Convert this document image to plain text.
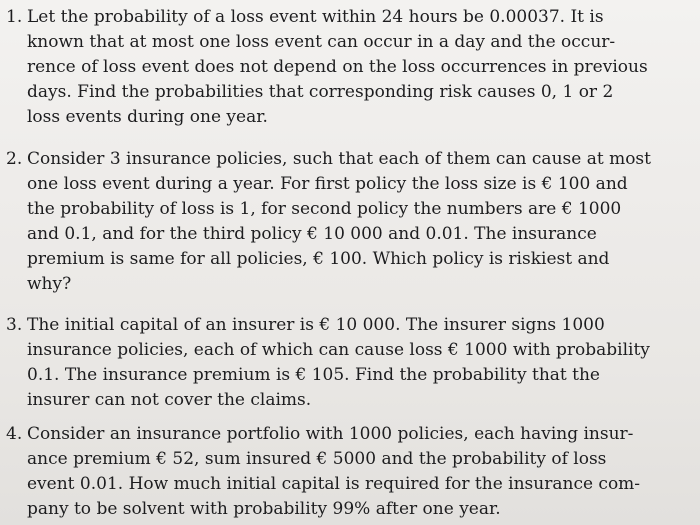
1. Let the probability of a loss event within 24 hours be 0.00037. It is
known that at most one loss event can occur in a day and the occur-
rence of loss event does not depend on the loss occurrences in previous
days. Find the probabilities that corresponding risk causes 0, 1 or 2
loss events during one year.
2. Consider 3 insurance policies, such that each of them can cause at most
one loss event during a year. For first policy the loss size is € 100 and
the probability of loss is 1, for second policy the numbers are € 1000
and 0.1, and for the third policy € 10 000 and 0.01. The insurance
premium is same for all policies, € 100. Which policy is riskiest and
why?
3. The initial capital of an insurer is € 10 000. The insurer signs 1000
insurance policies, each of which can cause loss € 1000 with probability
0.1. The insurance premium is € 105. Find the probability that the
insurer can not cover the claims.
4. Consider an insurance portfolio with 1000 policies, each having insur-
ance premium € 52, sum insured € 5000 and the probability of loss
event 0.01. How much initial capital is required for the insurance com-
pany to be solvent with probability 99% after one year.
